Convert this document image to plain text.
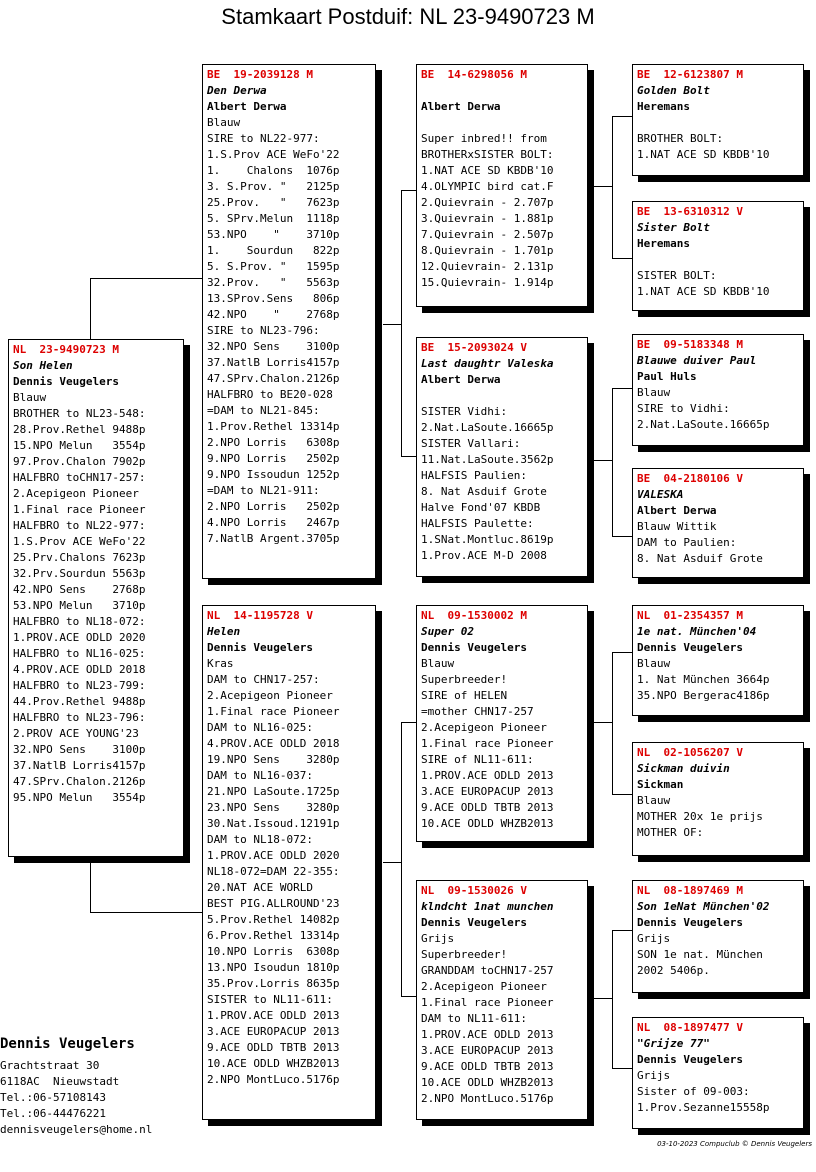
Stamkaart Postduif: NL 23-9490723 M
NL  23-9490723 M
Son Helen
Dennis Veugelers
Blauw
BROTHER to NL23-548:
28.Prov.Rethel 9488p
15.NPO Melun   3554p
97.Prov.Chalon 7902p
HALFBRO toCHN17-257:
2.Acepigeon Pioneer
1.Final race Pioneer
HALFBRO to NL22-977:
1.S.Prov ACE WeFo'22
25.Prv.Chalons 7623p
32.Prv.Sourdun 5563p
42.NPO Sens    2768p
53.NPO Melun   3710p
HALFBRO to NL18-072:
1.PROV.ACE ODLD 2020
HALFBRO to NL16-025:
4.PROV.ACE ODLD 2018
HALFBRO to NL23-799:
44.Prov.Rethel 9488p
HALFBRO to NL23-796:
2.PROV ACE YOUNG'23
32.NPO Sens    3100p
37.NatlB Lorris4157p
47.SPrv.Chalon.2126p
95.NPO Melun   3554p
BE  19-2039128 M
Den Derwa
Albert Derwa
Blauw
SIRE to NL22-977:
1.S.Prov ACE WeFo'22
1.    Chalons  1076p
3. S.Prov. "   2125p
25.Prov.   "   7623p
5. SPrv.Melun  1118p
53.NPO    "    3710p
1.    Sourdun   822p
5. S.Prov. "   1595p
32.Prov.   "   5563p
13.SProv.Sens   806p
42.NPO    "    2768p
SIRE to NL23-796:
32.NPO Sens    3100p
37.NatlB Lorris4157p
47.SPrv.Chalon.2126p
HALFBRO to BE20-028
=DAM to NL21-845:
1.Prov.Rethel 13314p
2.NPO Lorris   6308p
9.NPO Lorris   2502p
9.NPO Issoudun 1252p
=DAM to NL21-911:
2.NPO Lorris   2502p
4.NPO Lorris   2467p
7.NatlB Argent.3705p
NL  14-1195728 V
Helen
Dennis Veugelers
Kras
DAM to CHN17-257:
2.Acepigeon Pioneer
1.Final race Pioneer
DAM to NL16-025:
4.PROV.ACE ODLD 2018
19.NPO Sens    3280p
DAM to NL16-037:
21.NPO LaSoute.1725p
23.NPO Sens    3280p
30.Nat.Issoud.12191p
DAM to NL18-072:
1.PROV.ACE ODLD 2020
NL18-072=DAM 22-355:
20.NAT ACE WORLD
BEST PIG.ALLROUND'23
5.Prov.Rethel 14082p
6.Prov.Rethel 13314p
10.NPO Lorris  6308p
13.NPO Isoudun 1810p
35.Prov.Lorris 8635p
SISTER to NL11-611:
1.PROV.ACE ODLD 2013
3.ACE EUROPACUP 2013
9.ACE ODLD TBTB 2013
10.ACE ODLD WHZB2013
2.NPO MontLuco.5176p
BE  14-6298056 M
Albert Derwa
Super inbred!! from
BROTHERxSISTER BOLT:
1.NAT ACE SD KBDB'10
4.OLYMPIC bird cat.F
2.Quievrain - 2.707p
3.Quievrain - 1.881p
7.Quievrain - 2.507p
8.Quievrain - 1.701p
12.Quievrain- 2.131p
15.Quievrain- 1.914p
BE  15-2093024 V
Last daughtr Valeska
Albert Derwa
SISTER Vidhi:
2.Nat.LaSoute.16665p
SISTER Vallari:
11.Nat.LaSoute.3562p
HALFSIS Paulien:
8. Nat Asduif Grote
Halve Fond'07 KBDB
HALFSIS Paulette:
1.SNat.Montluc.8619p
1.Prov.ACE M-D 2008
NL  09-1530002 M
Super 02
Dennis Veugelers
Blauw
Superbreeder!
SIRE of HELEN
=mother CHN17-257
2.Acepigeon Pioneer
1.Final race Pioneer
SIRE of NL11-611:
1.PROV.ACE ODLD 2013
3.ACE EUROPACUP 2013
9.ACE ODLD TBTB 2013
10.ACE ODLD WHZB2013
NL  09-1530026 V
klndcht 1nat munchen
Dennis Veugelers
Grijs
Superbreeder!
GRANDDAM toCHN17-257
2.Acepigeon Pioneer
1.Final race Pioneer
DAM to NL11-611:
1.PROV.ACE ODLD 2013
3.ACE EUROPACUP 2013
9.ACE ODLD TBTB 2013
10.ACE ODLD WHZB2013
2.NPO MontLuco.5176p
BE  12-6123807 M
Golden Bolt
Heremans
BROTHER BOLT:
1.NAT ACE SD KBDB'10
BE  13-6310312 V
Sister Bolt
Heremans
SISTER BOLT:
1.NAT ACE SD KBDB'10
BE  09-5183348 M
Blauwe duiver Paul
Paul Huls
Blauw
SIRE to Vidhi:
2.Nat.LaSoute.16665p
BE  04-2180106 V
VALESKA
Albert Derwa
Blauw Wittik
DAM to Paulien:
8. Nat Asduif Grote
NL  01-2354357 M
1e nat. München'04
Dennis Veugelers
Blauw
1. Nat München 3664p
35.NPO Bergerac4186p
NL  02-1056207 V
Sickman duivin
Sickman
Blauw
MOTHER 20x 1e prijs
MOTHER OF:
NL  08-1897469 M
Son 1eNat München'02
Dennis Veugelers
Grijs
SON 1e nat. München
2002 5406p.
NL  08-1897477 V
"Grijze 77"
Dennis Veugelers
Grijs
Sister of 09-003:
1.Prov.Sezanne15558p
Dennis Veugelers
Grachtstraat 30
6118AC  Nieuwstadt
Tel.:06-57108143
Tel.:06-44476221
dennisveugelers@home.nl
03-10-2023 Compuclub © Dennis Veugelers
